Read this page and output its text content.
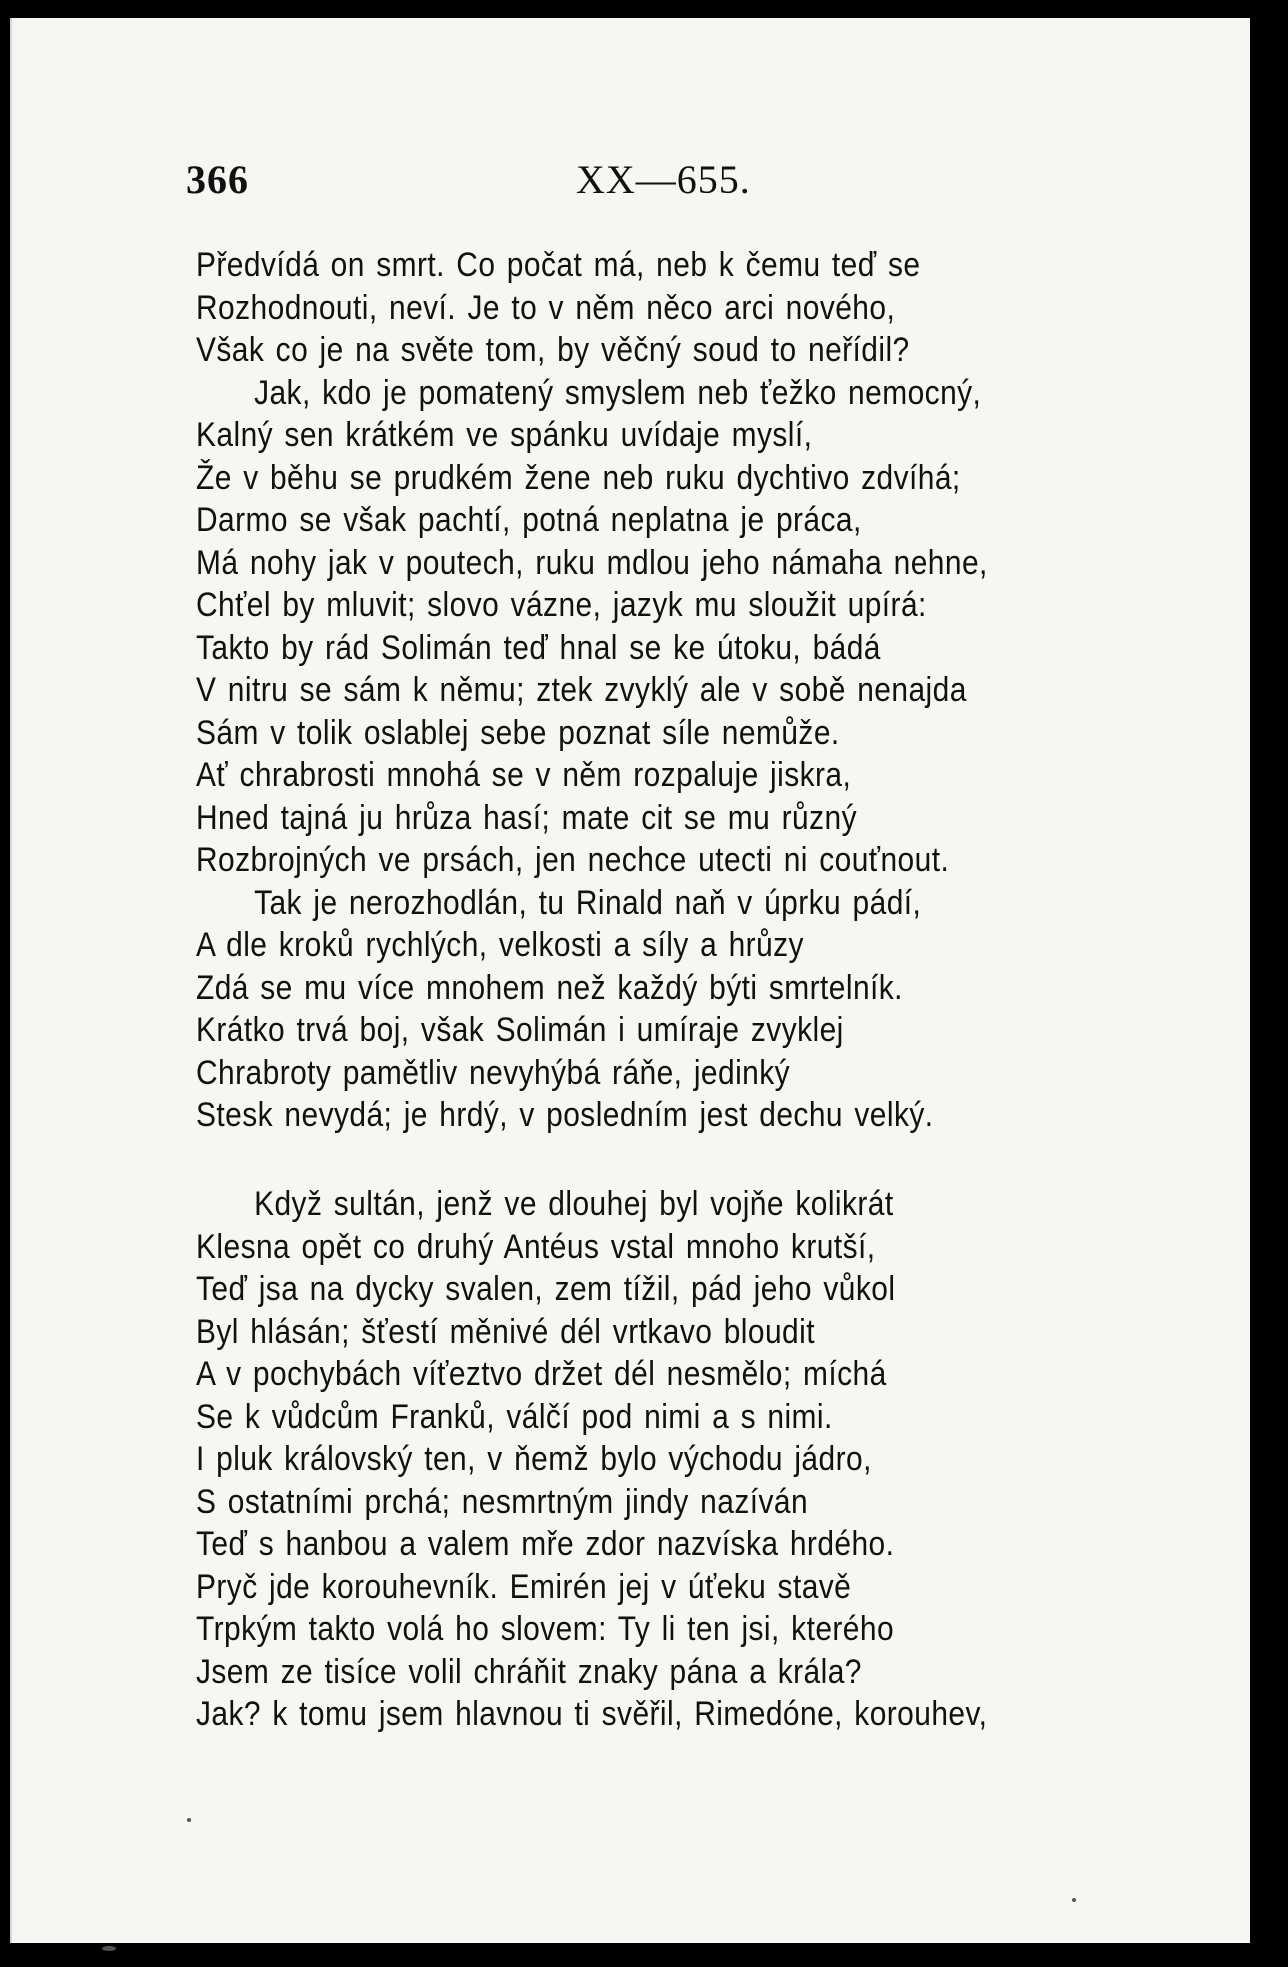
366	XX—655.
Předvídá on smrt. Co počat má, neb k čemu teď se
Rozhodnouti, neví. Je to v něm něco arci nového,
Však co je na světe tom, by věčný soud to neřídil?
Jak, kdo je pomatený smyslem neb ťežko nemocný,
Kalný sen krátkém ve spánku uvídaje myslí,
Že v běhu se prudkém žene neb ruku dychtivo zdvíhá;
Darmo se však pachtí, potná neplatna je práca,
Má nohy jak v poutech, ruku mdlou jeho námaha nehne,
Chťel by mluvit; slovo vázne, jazyk mu sloužit upírá:
Takto by rád Solimán teď hnal se ke útoku, bádá
V nitru se sám k němu; ztek zvyklý ale v sobě nenajda
Sám v tolik oslablej sebe poznat síle nemůže.
Ať chrabrosti mnohá se v něm rozpaluje jiskra,
Hned tajná ju hrůza hasí; mate cit se mu různý
Rozbrojných ve prsách, jen nechce utecti ni couťnout.
Tak je nerozhodlán, tu Rinald naň v úprku pádí,
A dle kroků rychlých, velkosti a síly a hrůzy
Zdá se mu více mnohem než každý býti smrtelník.
Krátko trvá boj, však Solimán i umíraje zvyklej
Chrabroty pamětliv nevyhýbá ráňe, jedinký
Stesk nevydá; je hrdý, v posledním jest dechu velký.
Když sultán, jenž ve dlouhej byl vojňe kolikrát
Klesna opět co druhý Antéus vstal mnoho krutší,
Teď jsa na dycky svalen, zem tížil, pád jeho vůkol
Byl hlásán; šťestí měnivé dél vrtkavo bloudit
A v pochybách víťeztvo držet dél nesmělo; míchá
Se k vůdcům Franků, válčí pod nimi a s nimi.
I pluk královský ten, v ňemž bylo východu jádro,
S ostatními prchá; nesmrtným jindy nazíván
Teď s hanbou a valem mře zdor nazvíska hrdého.
Pryč jde korouhevník. Emirén jej v úťeku stavě
Trpkým takto volá ho slovem: Ty li ten jsi, kterého
Jsem ze tisíce volil chráňit znaky pána a krála?
Jak? k tomu jsem hlavnou ti svěřil, Rimedóne, korouhev,
